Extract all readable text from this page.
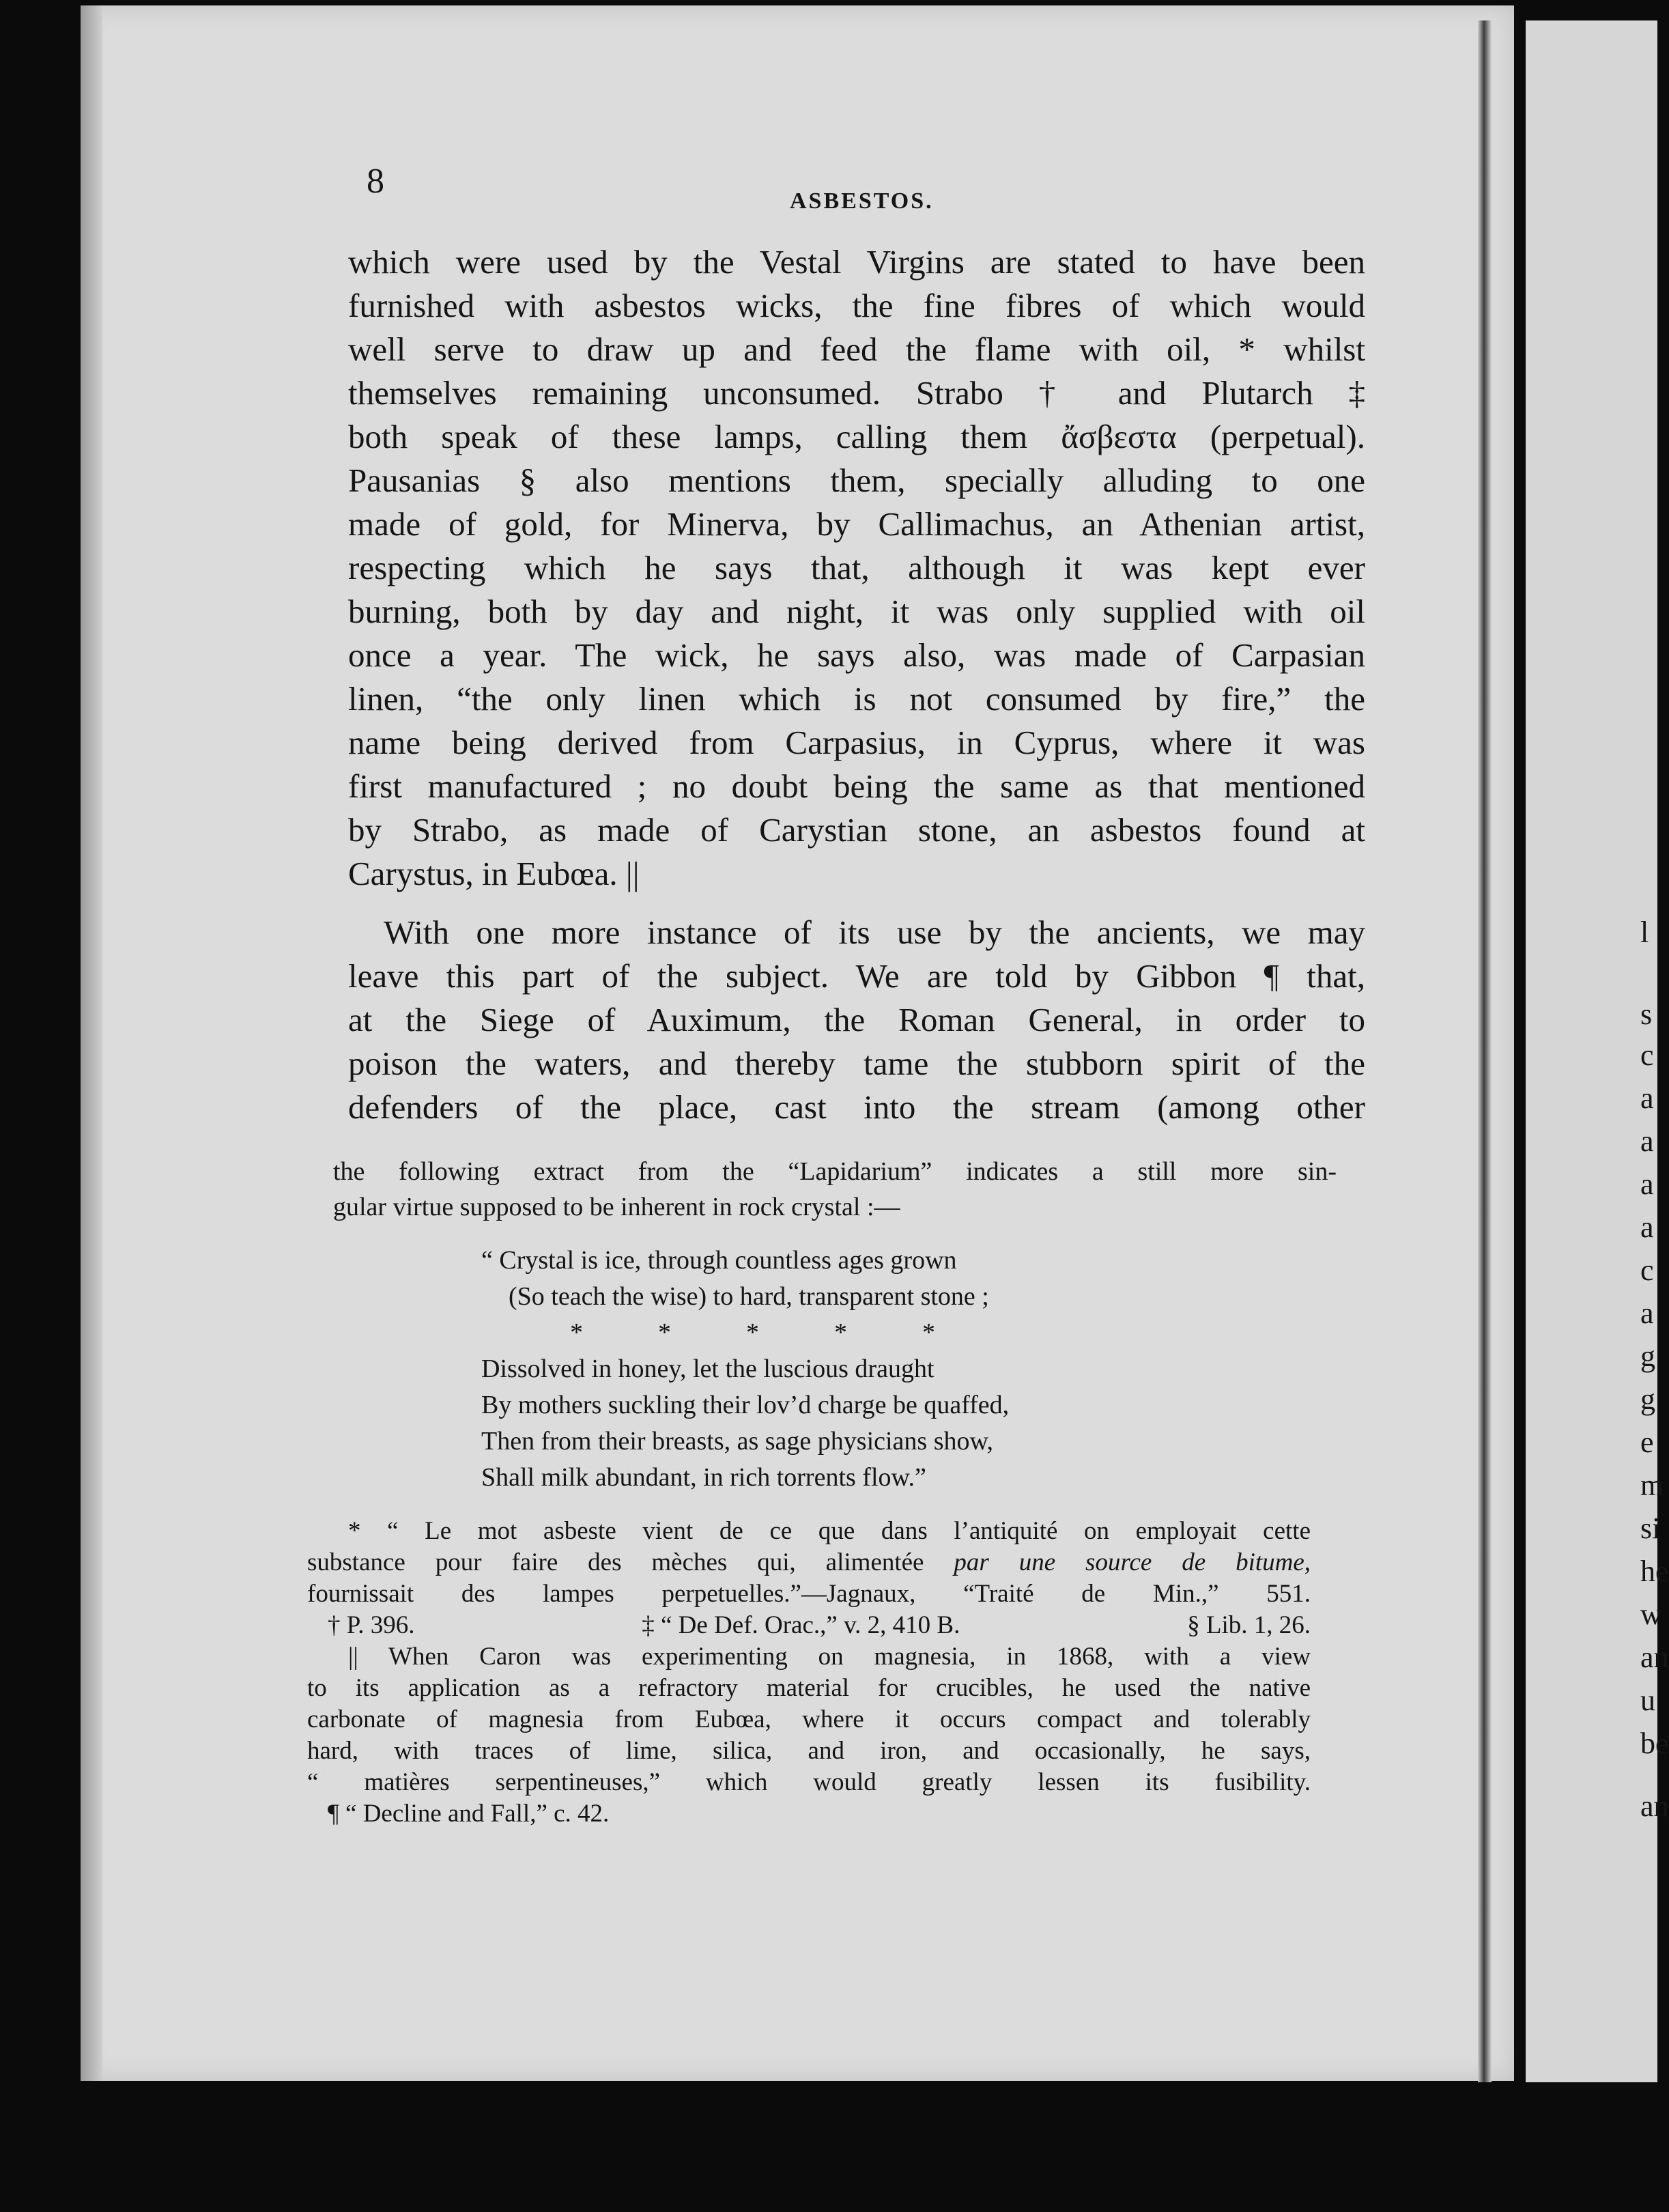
l
s
c
a
a
a
a
c
a
g
g
e
m
si
he
w
an
u
be
an
8
ASBESTOS.
which were used by the Vestal Virgins are stated to have been
furnished with asbestos wicks, the fine fibres of which would
well serve to draw up and feed the flame with oil, * whilst
themselves remaining unconsumed. Strabo † and Plutarch ‡
both speak of these lamps, calling them ἄσβεστα (perpetual).
Pausanias § also mentions them, specially alluding to one
made of gold, for Minerva, by Callimachus, an Athenian artist,
respecting which he says that, although it was kept ever
burning, both by day and night, it was only supplied with oil
once a year. The wick, he says also, was made of Carpasian
linen, “the only linen which is not consumed by fire,” the
name being derived from Carpasius, in Cyprus, where it was
first manufactured ; no doubt being the same as that mentioned
by Strabo, as made of Carystian stone, an asbestos found at
Carystus, in Eubœa. ||
With one more instance of its use by the ancients, we may
leave this part of the subject. We are told by Gibbon ¶ that,
at the Siege of Auximum, the Roman General, in order to
poison the waters, and thereby tame the stubborn spirit of the
defenders of the place, cast into the stream (among other
the following extract from the “Lapidarium” indicates a still more sin-
gular virtue supposed to be inherent in rock crystal :—
“ Crystal is ice, through countless ages grown
(So teach the wise) to hard, transparent stone ;
*	*	*	*	*
Dissolved in honey, let the luscious draught
By mothers suckling their lov’d charge be quaffed,
Then from their breasts, as sage physicians show,
Shall milk abundant, in rich torrents flow.”
* “ Le mot asbeste vient de ce que dans l’antiquité on employait cette
substance pour faire des mèches qui, alimentée par une source de bitume,
fournissait des lampes perpetuelles.”—Jagnaux, “Traité de Min.,” 551.
† P. 396.	‡ “ De Def. Orac.,” v. 2, 410 B.	§ Lib. 1, 26.
|| When Caron was experimenting on magnesia, in 1868, with a view
to its application as a refractory material for crucibles, he used the native
carbonate of magnesia from Eubœa, where it occurs compact and tolerably
hard, with traces of lime, silica, and iron, and occasionally, he says,
“ matières serpentineuses,” which would greatly lessen its fusibility.
¶ “ Decline and Fall,” c. 42.
